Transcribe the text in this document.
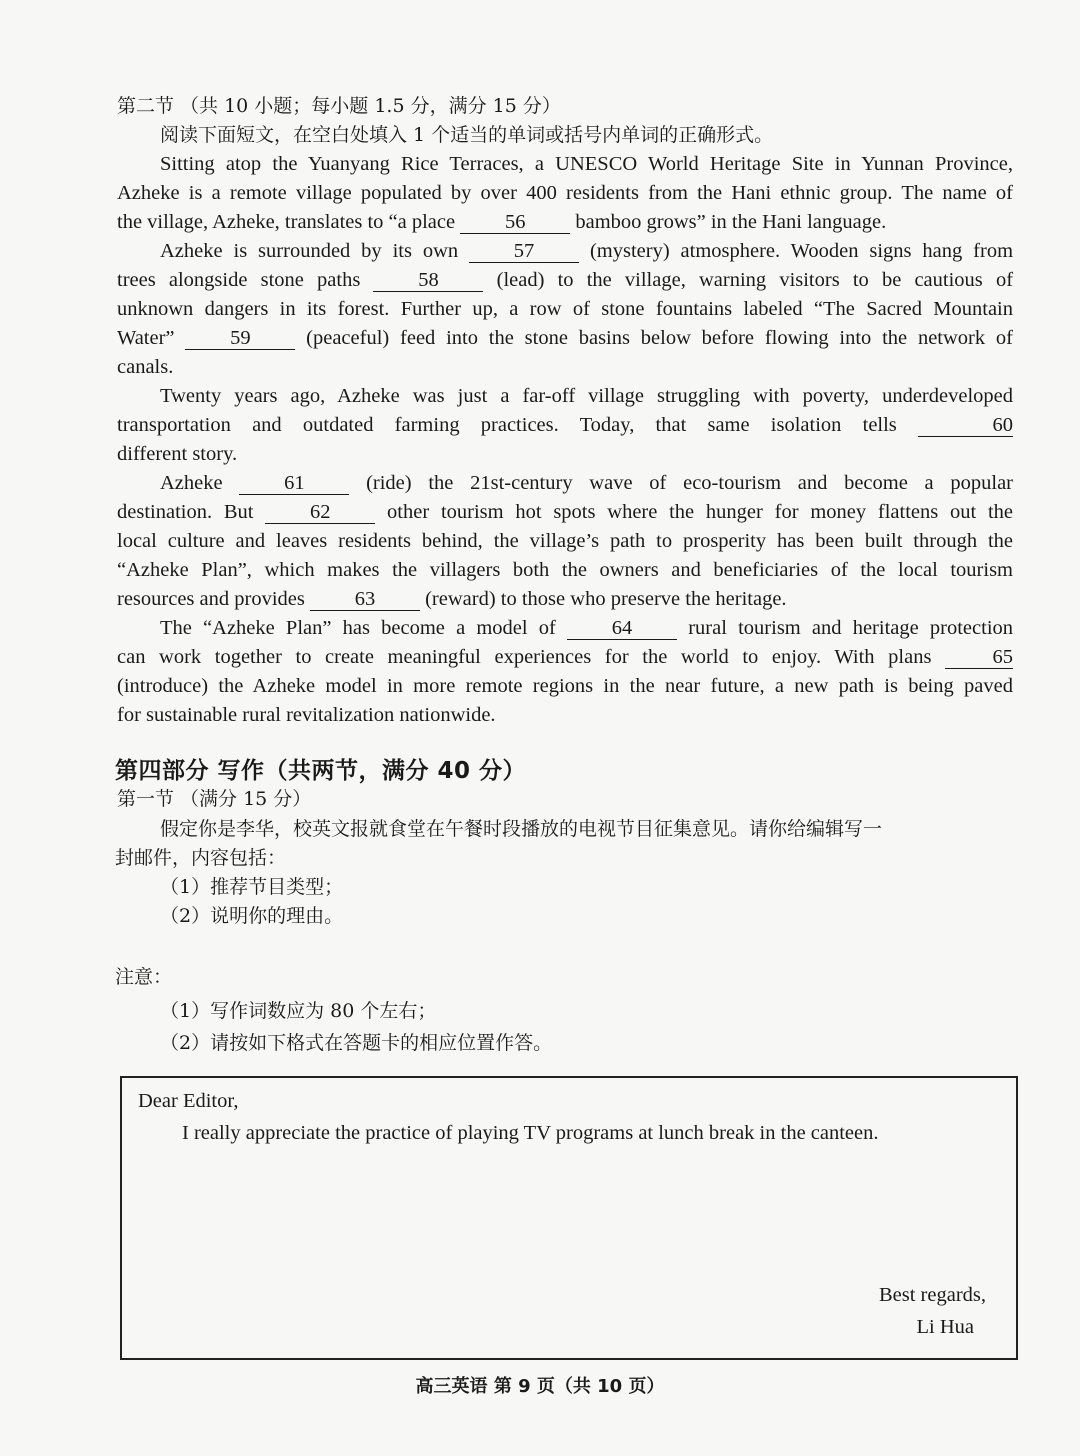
第二节 （共 10 小题；每小题 1.5 分，满分 15 分）
阅读下面短文，在空白处填入 1 个适当的单词或括号内单词的正确形式。
Sitting atop the Yuanyang Rice Terraces, a UNESCO World Heritage Site in Yunnan Province,
Azheke is a remote village populated by over 400 residents from the Hani ethnic group. The name of
the village, Azheke, translates to “a place 56 bamboo grows” in the Hani language.
Azheke is surrounded by its own	57	(mystery) atmosphere. Wooden signs hang from
trees alongside stone paths	58	(lead) to the village, warning visitors to be cautious of
unknown dangers in its forest. Further up, a row of stone fountains labeled “The Sacred Mountain
Water”	59	(peaceful) feed into the stone basins below before flowing into the network of
canals.
Twenty years ago, Azheke was just a far-off village struggling with poverty, underdeveloped
transportation and outdated farming practices. Today, that same isolation tells	60
different story.
Azheke	61	(ride) the 21st-century wave of eco-tourism and become a popular
destination. But	62	other tourism hot spots where the hunger for money flattens out the
local culture and leaves residents behind, the village’s path to prosperity has been built through the
“Azheke Plan”, which makes the villagers both the owners and beneficiaries of the local tourism
resources and provides 63 (reward) to those who preserve the heritage.
The “Azheke Plan” has become a model of	64	rural tourism and heritage protection
can work together to create meaningful experiences for the world to enjoy. With plans	65
(introduce) the Azheke model in more remote regions in the near future, a new path is being paved
for sustainable rural revitalization nationwide.
第四部分 写作（共两节，满分 40 分）
第一节 （满分 15 分）
假定你是李华，校英文报就食堂在午餐时段播放的电视节目征集意见。请你给编辑写一
封邮件，内容包括：
（1）推荐节目类型；
（2）说明你的理由。
注意：
（1）写作词数应为 80 个左右；
（2）请按如下格式在答题卡的相应位置作答。
Dear Editor,
I really appreciate the practice of playing TV programs at lunch break in the canteen.
Best regards,
Li Hua
高三英语 第 9 页（共 10 页）
